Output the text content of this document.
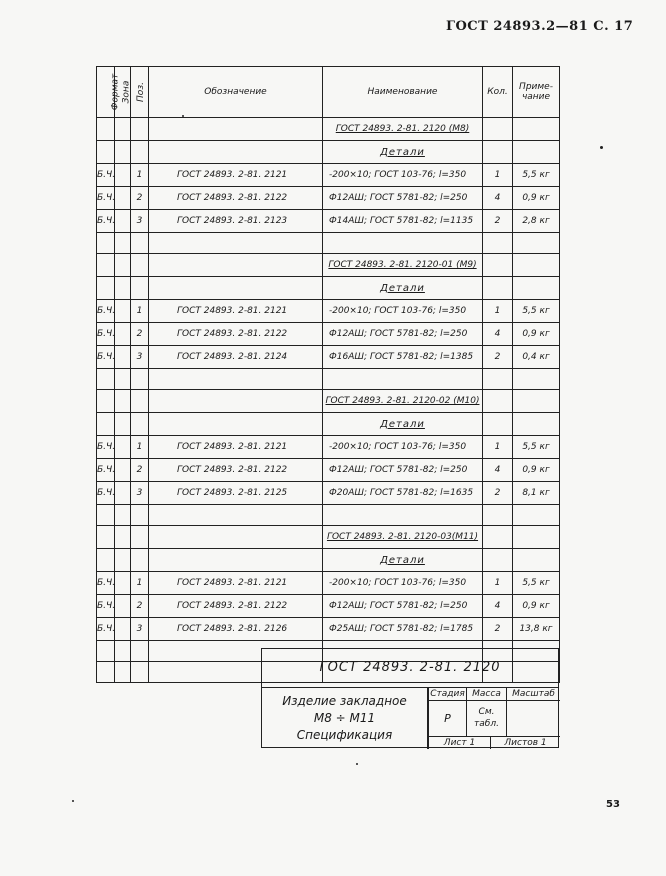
ГОСТ 24893.2—81 С. 17
Формат	Зона	Поз.	Обозначение	Наименование	Кол.	Приме-
чание
				ГОСТ 24893. 2-81. 2120 (М8)		
				Детали		
Б.Ч.		1	ГОСТ 24893. 2-81. 2121	-200×10; ГОСТ 103-76; l=350	1	5,5 кг
Б.Ч.		2	ГОСТ 24893. 2-81. 2122	Ф12АШ; ГОСТ 5781-82; l=250	4	0,9 кг
Б.Ч.		3	ГОСТ 24893. 2-81. 2123	Ф14АШ; ГОСТ 5781-82; l=1135	2	2,8 кг

				ГОСТ 24893. 2-81. 2120-01 (М9)		
				Детали		
Б.Ч.		1	ГОСТ 24893. 2-81. 2121	-200×10; ГОСТ 103-76; l=350	1	5,5 кг
Б.Ч.		2	ГОСТ 24893. 2-81. 2122	Ф12АШ; ГОСТ 5781-82; l=250	4	0,9 кг
Б.Ч.		3	ГОСТ 24893. 2-81. 2124	Ф16АШ; ГОСТ 5781-82; l=1385	2	0,4 кг

				ГОСТ 24893. 2-81. 2120-02 (М10)		
				Детали		
Б.Ч.		1	ГОСТ 24893. 2-81. 2121	-200×10; ГОСТ 103-76; l=350	1	5,5 кг
Б.Ч.		2	ГОСТ 24893. 2-81. 2122	Ф12АШ; ГОСТ 5781-82; l=250	4	0,9 кг
Б.Ч.		3	ГОСТ 24893. 2-81. 2125	Ф20АШ; ГОСТ 5781-82; l=1635	2	8,1 кг

				ГОСТ 24893. 2-81. 2120-03(М11)		
				Детали		
Б.Ч.		1	ГОСТ 24893. 2-81. 2121	-200×10; ГОСТ 103-76; l=350	1	5,5 кг
Б.Ч.		2	ГОСТ 24893. 2-81. 2122	Ф12АШ; ГОСТ 5781-82; l=250	4	0,9 кг
Б.Ч.		3	ГОСТ 24893. 2-81. 2126	Ф25АШ; ГОСТ 5781-82; l=1785	2	13,8 кг

ГОСТ 24893. 2-81. 2120
Изделие закладное
М8 ÷ М11
Спецификация
Стадия Масса	Масштаб
Р	См. табл.
Лист 1	Листов 1
53
